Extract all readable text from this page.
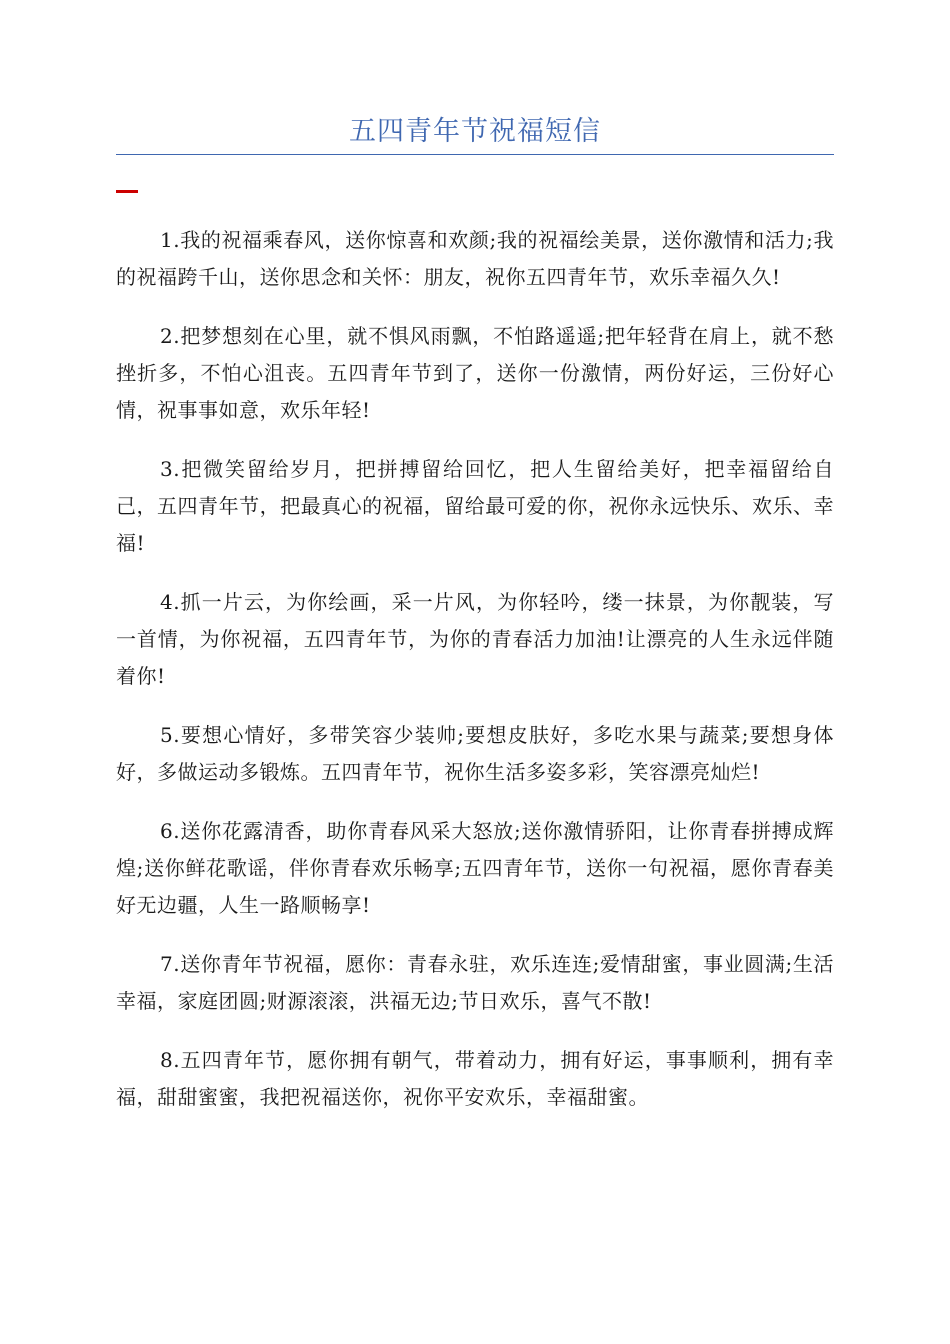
五四青年节祝福短信

1.我的祝福乘春风，送你惊喜和欢颜;我的祝福绘美景，送你激情和活力;我的祝福跨千山，送你思念和关怀：朋友，祝你五四青年节，欢乐幸福久久!

2.把梦想刻在心里，就不惧风雨飘，不怕路遥遥;把年轻背在肩上，就不愁挫折多，不怕心沮丧。五四青年节到了，送你一份激情，两份好运，三份好心情，祝事事如意，欢乐年轻!

3.把微笑留给岁月，把拼搏留给回忆，把人生留给美好，把幸福留给自己，五四青年节，把最真心的祝福，留给最可爱的你，祝你永远快乐、欢乐、幸福!

4.抓一片云，为你绘画，采一片风，为你轻吟，缕一抹景，为你靓装，写一首情，为你祝福，五四青年节，为你的青春活力加油!让漂亮的人生永远伴随着你!

5.要想心情好，多带笑容少装帅;要想皮肤好，多吃水果与蔬菜;要想身体好，多做运动多锻炼。五四青年节，祝你生活多姿多彩，笑容漂亮灿烂!

6.送你花露清香，助你青春风采大怒放;送你激情骄阳，让你青春拼搏成辉煌;送你鲜花歌谣，伴你青春欢乐畅享;五四青年节，送你一句祝福，愿你青春美好无边疆，人生一路顺畅享!

7.送你青年节祝福，愿你：青春永驻，欢乐连连;爱情甜蜜，事业圆满;生活幸福，家庭团圆;财源滚滚，洪福无边;节日欢乐，喜气不散!

8.五四青年节，愿你拥有朝气，带着动力，拥有好运，事事顺利，拥有幸福，甜甜蜜蜜，我把祝福送你，祝你平安欢乐，幸福甜蜜。
